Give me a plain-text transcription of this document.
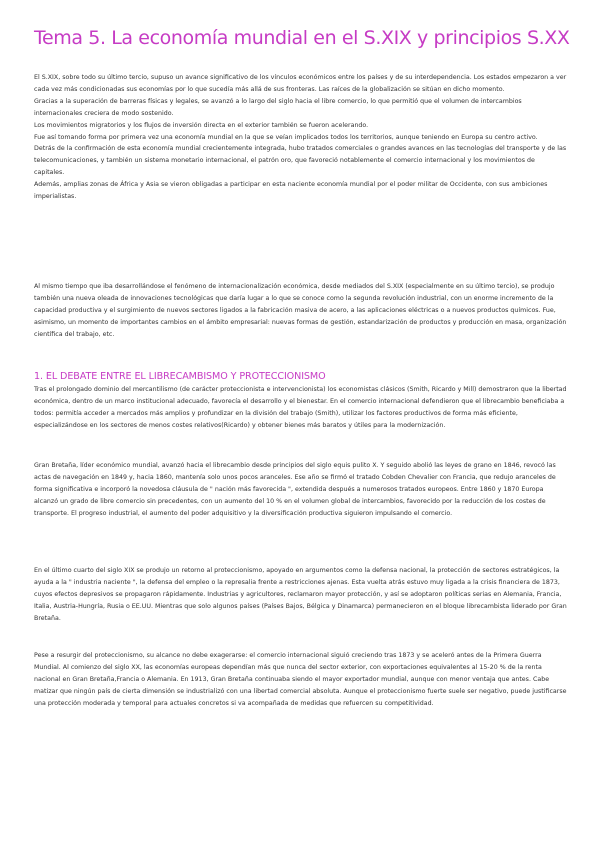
Tema 5. La economía mundial en el S.XIX y principios S.XX

El S.XIX, sobre todo su último tercio, supuso un avance significativo de los vínculos económicos entre los países y de su interdependencia. Los estados empezaron a ver cada vez más condicionadas sus economías por lo que sucedía más allá de sus fronteras. Las raíces de la globalización se sitúan en dicho momento.

Gracias a la superación de barreras físicas y legales, se avanzó a lo largo del siglo hacia el libre comercio, lo que permitió que el volumen de intercambios internacionales creciera de modo sostenido.

Los movimientos migratorios y los flujos de inversión directa en el exterior también se fueron acelerando.

Fue así tomando forma por primera vez una economía mundial en la que se veían implicados todos los territorios, aunque teniendo en Europa su centro activo.

Detrás de la confirmación de esta economía mundial crecientemente integrada, hubo tratados comerciales o grandes avances en las tecnologías del transporte y de las telecomunicaciones, y también un sistema monetario internacional, el patrón oro, que favoreció notablemente el comercio internacional y los movimientos de capitales.

Además, amplias zonas de África y Asia se vieron obligadas a participar en esta naciente economía mundial por el poder militar de Occidente, con sus ambiciones imperialistas.

Al mismo tiempo que iba desarrollándose el fenómeno de internacionalización económica, desde mediados del S.XIX (especialmente en su último tercio), se produjo también una nueva oleada de innovaciones tecnológicas que daría lugar a lo que se conoce como la segunda revolución industrial, con un enorme incremento de la capacidad productiva y el surgimiento de nuevos sectores ligados a la fabricación masiva de acero, a las aplicaciones eléctricas o a nuevos productos químicos. Fue, asimismo, un momento de importantes cambios en el ámbito empresarial: nuevas formas de gestión, estandarización de productos y producción en masa, organización científica del trabajo, etc.

1. EL DEBATE ENTRE EL LIBRECAMBISMO Y PROTECCIONISMO

Tras el prolongado dominio del mercantilismo (de carácter proteccionista e intervencionista) los economistas clásicos (Smith, Ricardo y Mill) demostraron que la libertad económica, dentro de un marco institucional adecuado, favorecía el desarrollo y el bienestar. En el comercio internacional defendieron que el librecambio beneficiaba a todos: permitía acceder a mercados más amplios y profundizar en la división del trabajo (Smith), utilizar los factores productivos de forma más eficiente, especializándose en los sectores de menos costes relativos(Ricardo) y obtener bienes más baratos y útiles para la modernización.

Gran Bretaña, líder económico mundial, avanzó hacia el librecambio desde principios del siglo equis pulito X. Y seguido abolió las leyes de grano en 1846, revocó las actas de navegación en 1849 y, hacia 1860, mantenía solo unos pocos aranceles. Ese año se firmó el tratado Cobden Chevalier con Francia, que redujo aranceles de forma significativa e incorporó la novedosa cláusula de " nación más favorecida ", extendida después a numerosos tratados europeos. Entre 1860 y 1870 Europa alcanzó un grado de libre comercio sin precedentes, con un aumento del 10 % en el volumen global de intercambios, favorecido por la reducción de los costes de transporte. El progreso industrial, el aumento del poder adquisitivo y la diversificación productiva siguieron impulsando el comercio.

En el último cuarto del siglo XIX se produjo un retorno al proteccionismo, apoyado en argumentos como la defensa nacional, la protección de sectores estratégicos, la ayuda a la " industria naciente ", la defensa del empleo o la represalia frente a restricciones ajenas. Esta vuelta atrás estuvo muy ligada a la crisis financiera de 1873, cuyos efectos depresivos se propagaron rápidamente. Industrias y agricultores, reclamaron mayor protección, y así se adoptaron políticas serias en Alemania, Francia, Italia, Austria-Hungría, Rusia o EE.UU. Mientras que solo algunos países (Países Bajos, Bélgica y Dinamarca) permanecieron en el bloque librecambista liderado por Gran Bretaña.

Pese a resurgir del proteccionismo, su alcance no debe exagerarse: el comercio internacional siguió creciendo tras 1873 y se aceleró antes de la Primera Guerra Mundial. Al comienzo del siglo XX, las economías europeas dependían más que nunca del sector exterior, con exportaciones equivalentes al 15-20 % de la renta nacional en Gran Bretaña,Francia o Alemania. En 1913, Gran Bretaña continuaba siendo el mayor exportador mundial, aunque con menor ventaja que antes. Cabe matizar que ningún país de cierta dimensión se industrializó con una libertad comercial absoluta. Aunque el proteccionismo fuerte suele ser negativo, puede justificarse una protección moderada y temporal para actuales concretos si va acompañada de medidas que refuercen su competitividad.
